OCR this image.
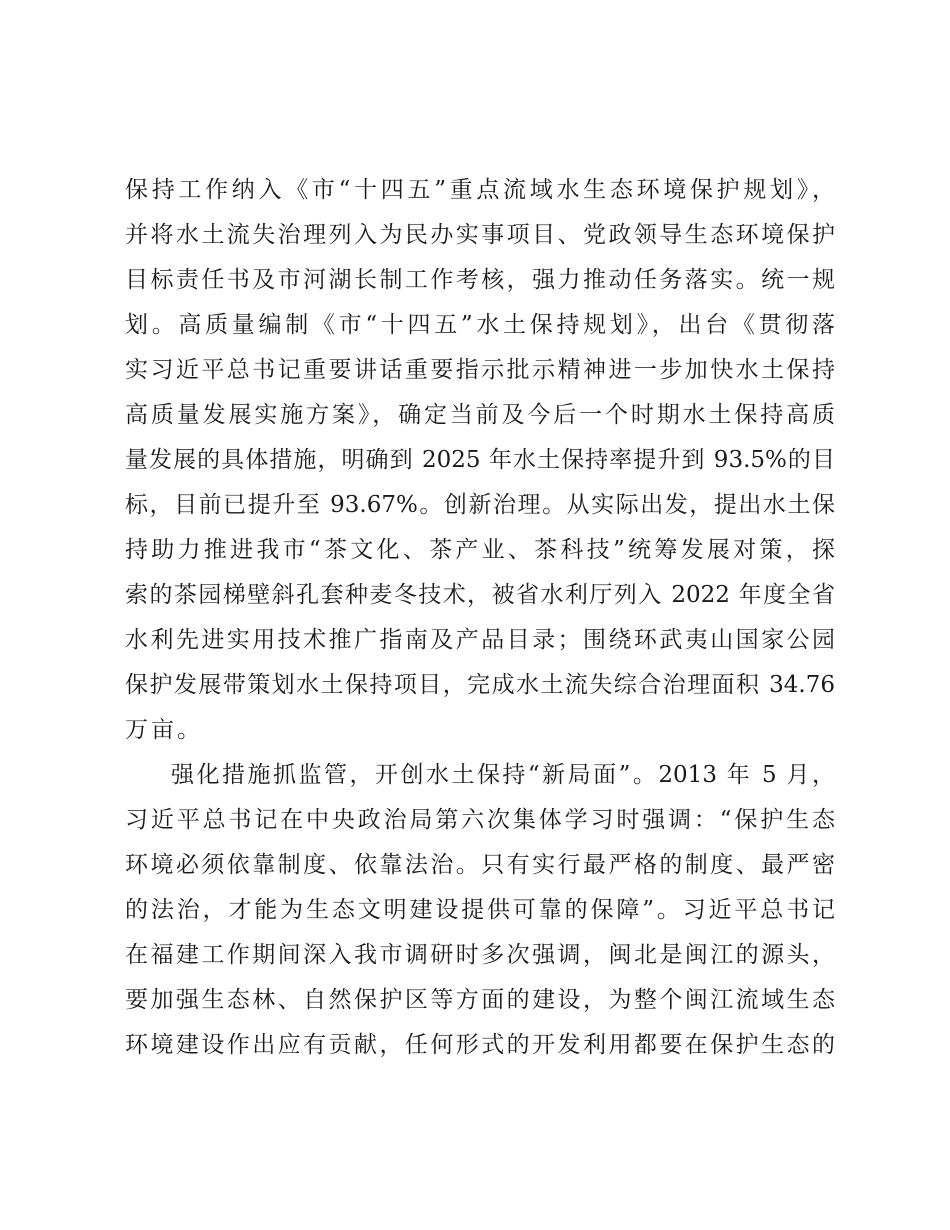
保持工作纳入《市“十四五”重点流域水生态环境保护规划》，
并将水土流失治理列入为民办实事项目、党政领导生态环境保护
目标责任书及市河湖长制工作考核，强力推动任务落实。统一规
划。高质量编制《市“十四五”水土保持规划》，出台《贯彻落
实习近平总书记重要讲话重要指示批示精神进一步加快水土保持
高质量发展实施方案》，确定当前及今后一个时期水土保持高质
量发展的具体措施，明确到 2025 年水土保持率提升到 93.5%的目
标，目前已提升至 93.67%。创新治理。从实际出发，提出水土保
持助力推进我市“茶文化、茶产业、茶科技”统筹发展对策，探
索的茶园梯壁斜孔套种麦冬技术，被省水利厅列入 2022 年度全省
水利先进实用技术推广指南及产品目录；围绕环武夷山国家公园
保护发展带策划水土保持项目，完成水土流失综合治理面积 34.76
万亩。
强化措施抓监管，开创水土保持“新局面”。2013 年 5 月，
习近平总书记在中央政治局第六次集体学习时强调：“保护生态
环境必须依靠制度、依靠法治。只有实行最严格的制度、最严密
的法治，才能为生态文明建设提供可靠的保障”。习近平总书记
在福建工作期间深入我市调研时多次强调，闽北是闽江的源头，
要加强生态林、自然保护区等方面的建设，为整个闽江流域生态
环境建设作出应有贡献，任何形式的开发利用都要在保护生态的
